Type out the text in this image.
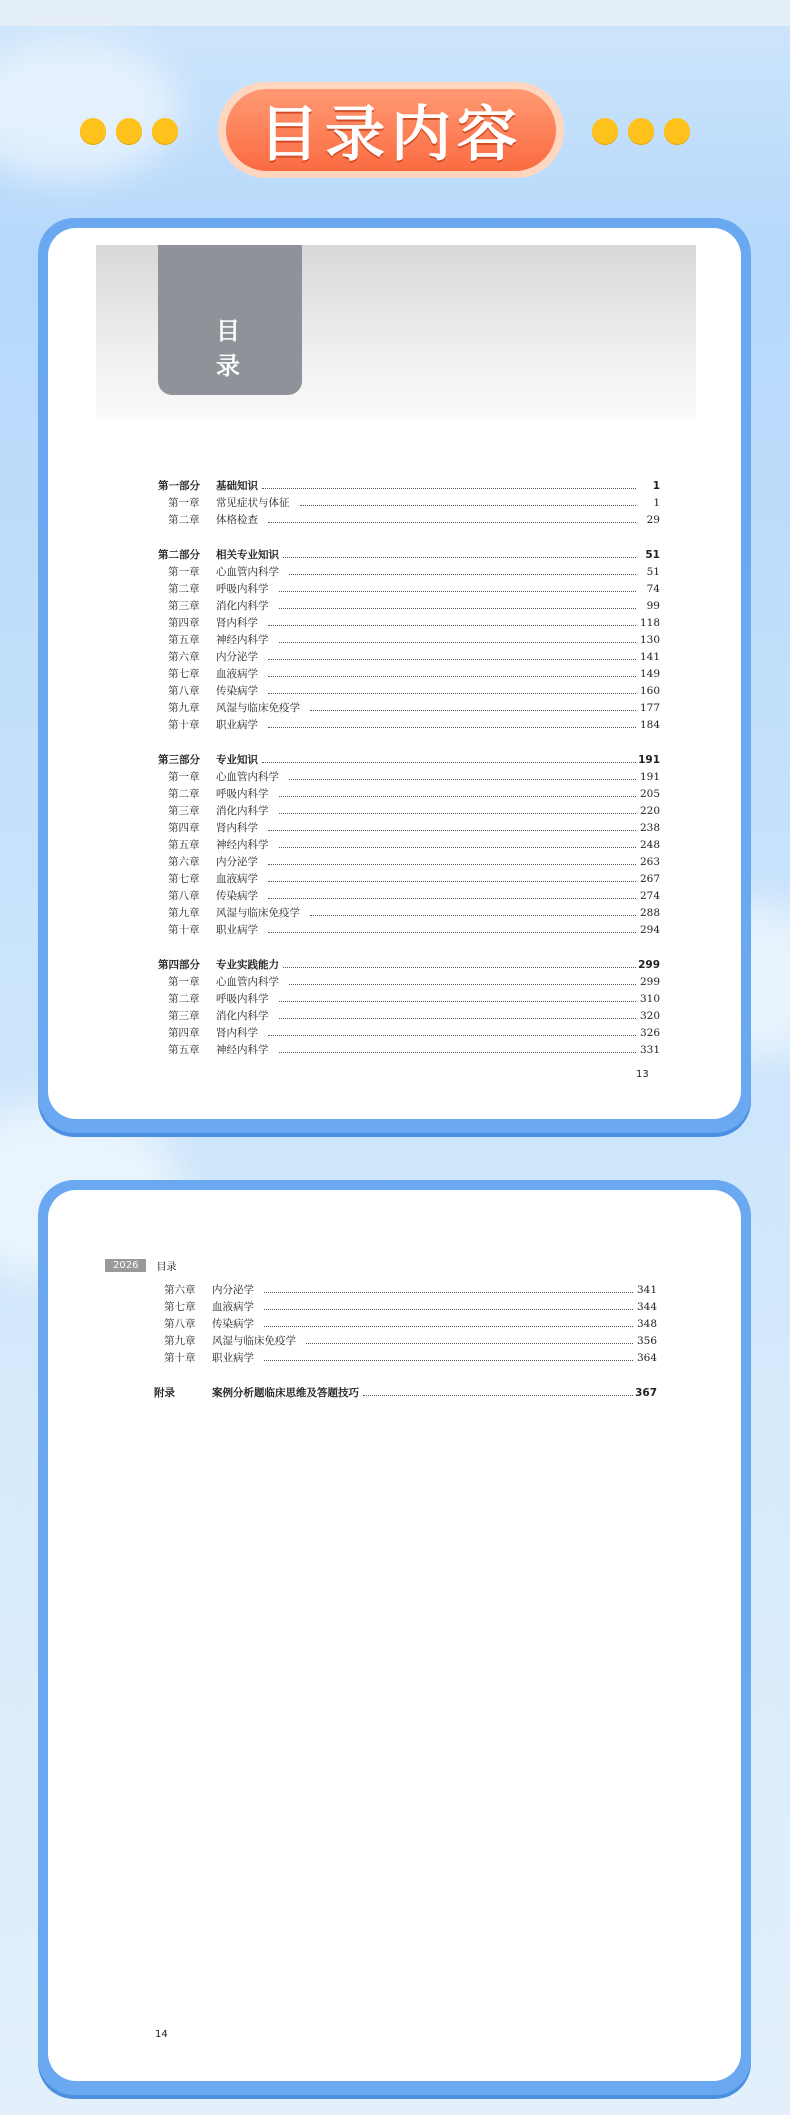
目录内容
目 录
第一部分	基础知识	1
第一章	常见症状与体征	1
第二章	体格检查	29
第二部分	相关专业知识	51
第一章	心血管内科学	51
第二章	呼吸内科学	74
第三章	消化内科学	99
第四章	肾内科学	118
第五章	神经内科学	130
第六章	内分泌学	141
第七章	血液病学	149
第八章	传染病学	160
第九章	风湿与临床免疫学	177
第十章	职业病学	184
第三部分	专业知识	191
第一章	心血管内科学	191
第二章	呼吸内科学	205
第三章	消化内科学	220
第四章	肾内科学	238
第五章	神经内科学	248
第六章	内分泌学	263
第七章	血液病学	267
第八章	传染病学	274
第九章	风湿与临床免疫学	288
第十章	职业病学	294
第四部分	专业实践能力	299
第一章	心血管内科学	299
第二章	呼吸内科学	310
第三章	消化内科学	320
第四章	肾内科学	326
第五章	神经内科学	331
13
2026	目录
第六章	内分泌学	341
第七章	血液病学	344
第八章	传染病学	348
第九章	风湿与临床免疫学	356
第十章	职业病学	364
附录	案例分析题临床思维及答题技巧	367
14
